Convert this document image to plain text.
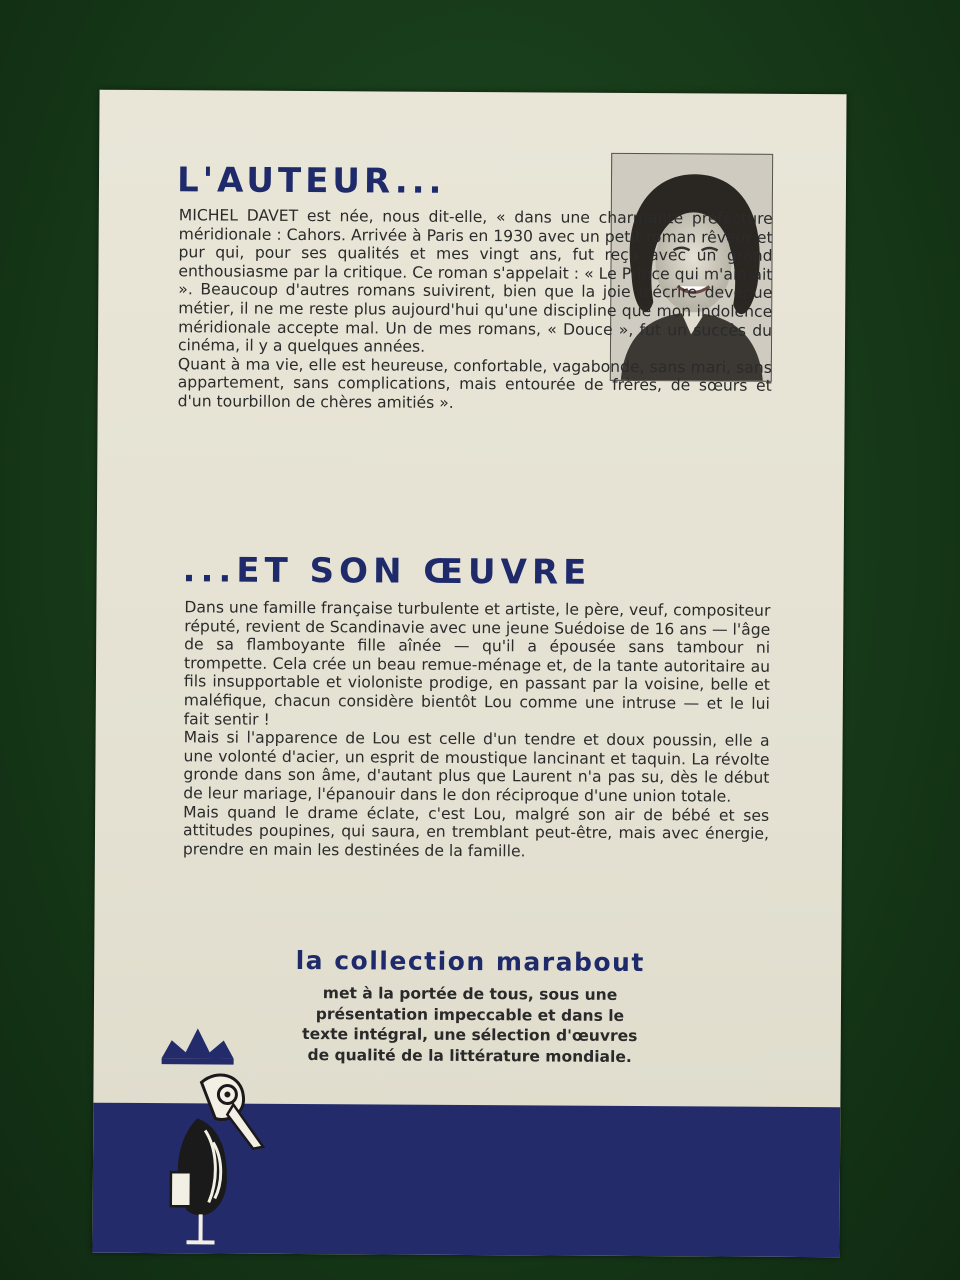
L'AUTEUR...

MICHEL DAVET est née, nous dit-elle, « dans une charmante préfecture méridionale : Cahors. Arrivée à Paris en 1930 avec un petit roman rêveur et pur qui, pour ses qualités et mes vingt ans, fut reçu avec un grand enthousiasme par la critique. Ce roman s'appelait : « Le Prince qui m'aimait ». Beaucoup d'autres romans suivirent, bien que la joie d'écrire devenue métier, il ne me reste plus aujourd'hui qu'une discipline que mon indolence méridionale accepte mal. Un de mes romans, « Douce », fut un succès du cinéma, il y a quelques années.

Quant à ma vie, elle est heureuse, confortable, vagabonde, sans mari, sans appartement, sans complications, mais entourée de frères, de sœurs et d'un tourbillon de chères amitiés ».

...ET SON ŒUVRE

Dans une famille française turbulente et artiste, le père, veuf, compositeur réputé, revient de Scandinavie avec une jeune Suédoise de 16 ans — l'âge de sa flamboyante fille aînée — qu'il a épousée sans tambour ni trompette. Cela crée un beau remue-ménage et, de la tante autoritaire au fils insupportable et violoniste prodige, en passant par la voisine, belle et maléfique, chacun considère bientôt Lou comme une intruse — et le lui fait sentir !

Mais si l'apparence de Lou est celle d'un tendre et doux poussin, elle a une volonté d'acier, un esprit de moustique lancinant et taquin. La révolte gronde dans son âme, d'autant plus que Laurent n'a pas su, dès le début de leur mariage, l'épanouir dans le don réciproque d'une union totale.

Mais quand le drame éclate, c'est Lou, malgré son air de bébé et ses attitudes poupines, qui saura, en tremblant peut-être, mais avec énergie, prendre en main les destinées de la famille.

la collection marabout
met à la portée de tous, sous une présentation impeccable et dans le texte intégral, une sélection d'œuvres de qualité de la littérature mondiale.
